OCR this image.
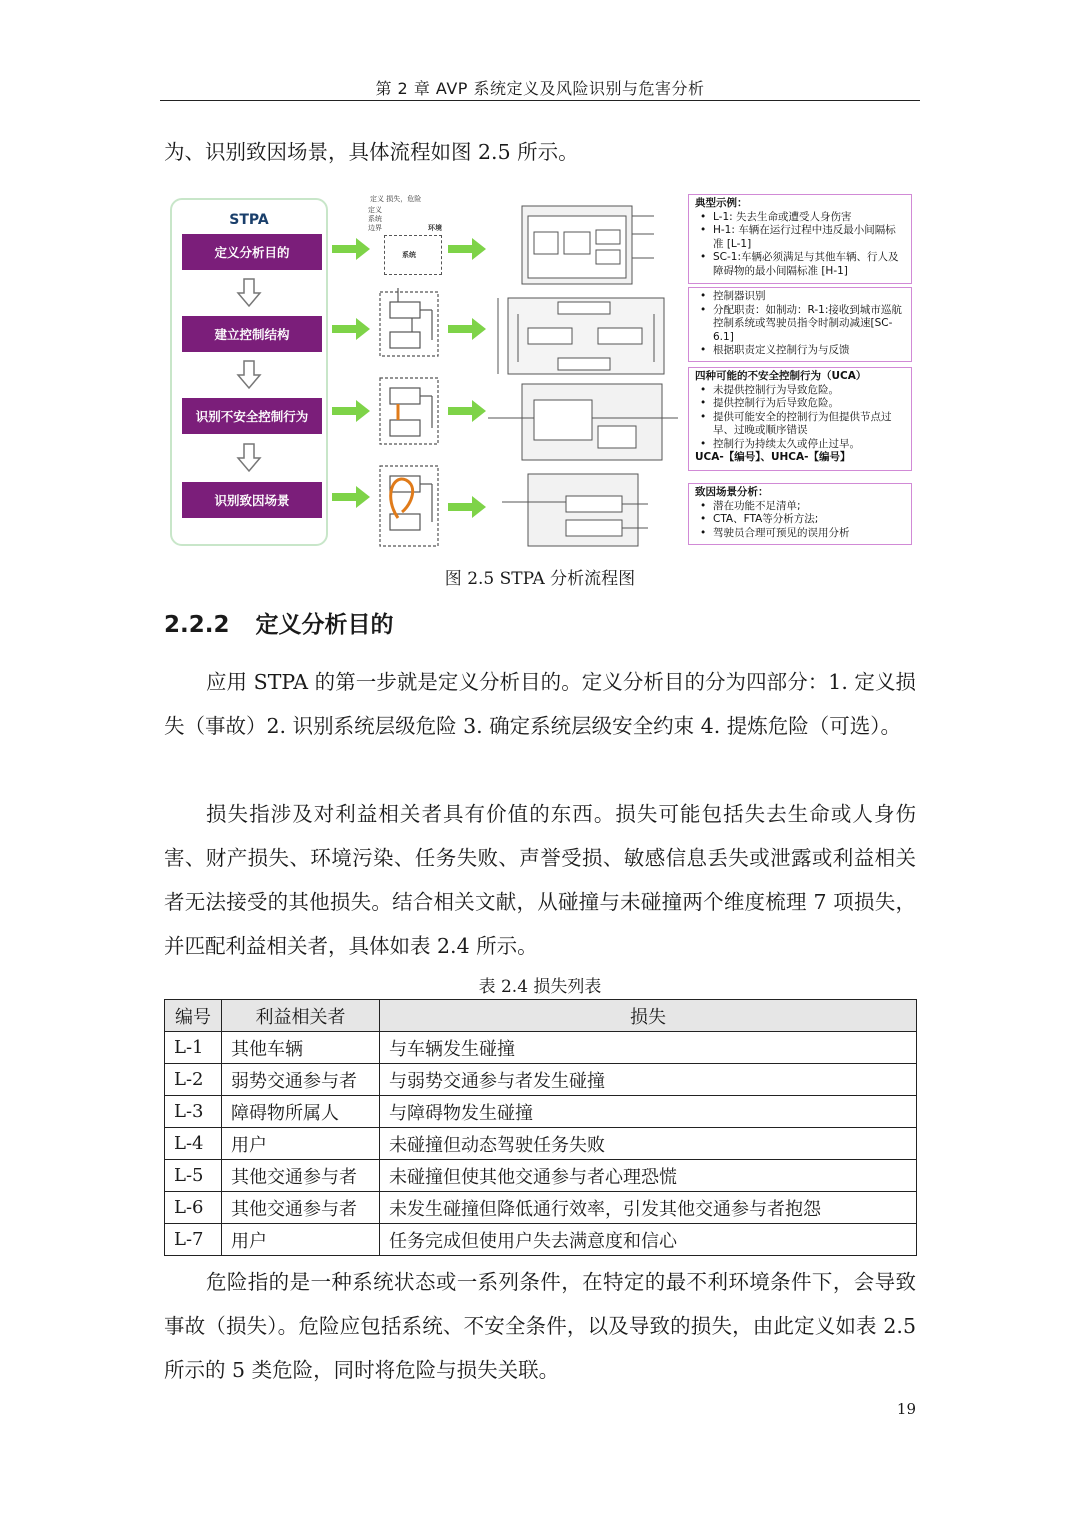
第 2 章 AVP 系统定义及风险识别与危害分析
为、识别致因场景，具体流程如图 2.5 所示。
STPA
定义分析目的
建立控制结构
识别不安全控制行为
识别致因场景
定义 损失，危险
定义 系统 边界	环境
系统
典型示例：
• L-1: 失去生命或遭受人身伤害
• H-1: 车辆在运行过程中违反最小间隔标准 [L-1]
• SC-1:车辆必须满足与其他车辆、行人及障碍物的最小间隔标准 [H-1]
• 控制器识别
• 分配职责：如制动：R-1:接收到城市巡航控制系统或驾驶员指令时制动减速[SC-6.1]
• 根据职责定义控制行为与反馈
四种可能的不安全控制行为（UCA）
• 未提供控制行为导致危险。
• 提供控制行为后导致危险。
• 提供可能安全的控制行为但提供节点过早、过晚或顺序错误
• 控制行为持续太久或停止过早。
UCA-【编号】、UHCA-【编号】
致因场景分析：
• 潜在功能不足清单;
• CTA、FTA等分析方法;
• 驾驶员合理可预见的误用分析
图 2.5 STPA 分析流程图
2.2.2 定义分析目的
应用 STPA 的第一步就是定义分析目的。定义分析目的分为四部分：1. 定义损失（事故）2. 识别系统层级危险 3. 确定系统层级安全约束 4. 提炼危险（可选）。
损失指涉及对利益相关者具有价值的东西。损失可能包括失去生命或人身伤害、财产损失、环境污染、任务失败、声誉受损、敏感信息丢失或泄露或利益相关者无法接受的其他损失。结合相关文献，从碰撞与未碰撞两个维度梳理 7 项损失，并匹配利益相关者，具体如表 2.4 所示。
表 2.4 损失列表
编号	利益相关者	损失
L-1	其他车辆	与车辆发生碰撞
L-2	弱势交通参与者	与弱势交通参与者发生碰撞
L-3	障碍物所属人	与障碍物发生碰撞
L-4	用户	未碰撞但动态驾驶任务失败
L-5	其他交通参与者	未碰撞但使其他交通参与者心理恐慌
L-6	其他交通参与者	未发生碰撞但降低通行效率，引发其他交通参与者抱怨
L-7	用户	任务完成但使用户失去满意度和信心
危险指的是一种系统状态或一系列条件，在特定的最不利环境条件下，会导致事故（损失）。危险应包括系统、不安全条件，以及导致的损失，由此定义如表 2.5 所示的 5 类危险，同时将危险与损失关联。
19
